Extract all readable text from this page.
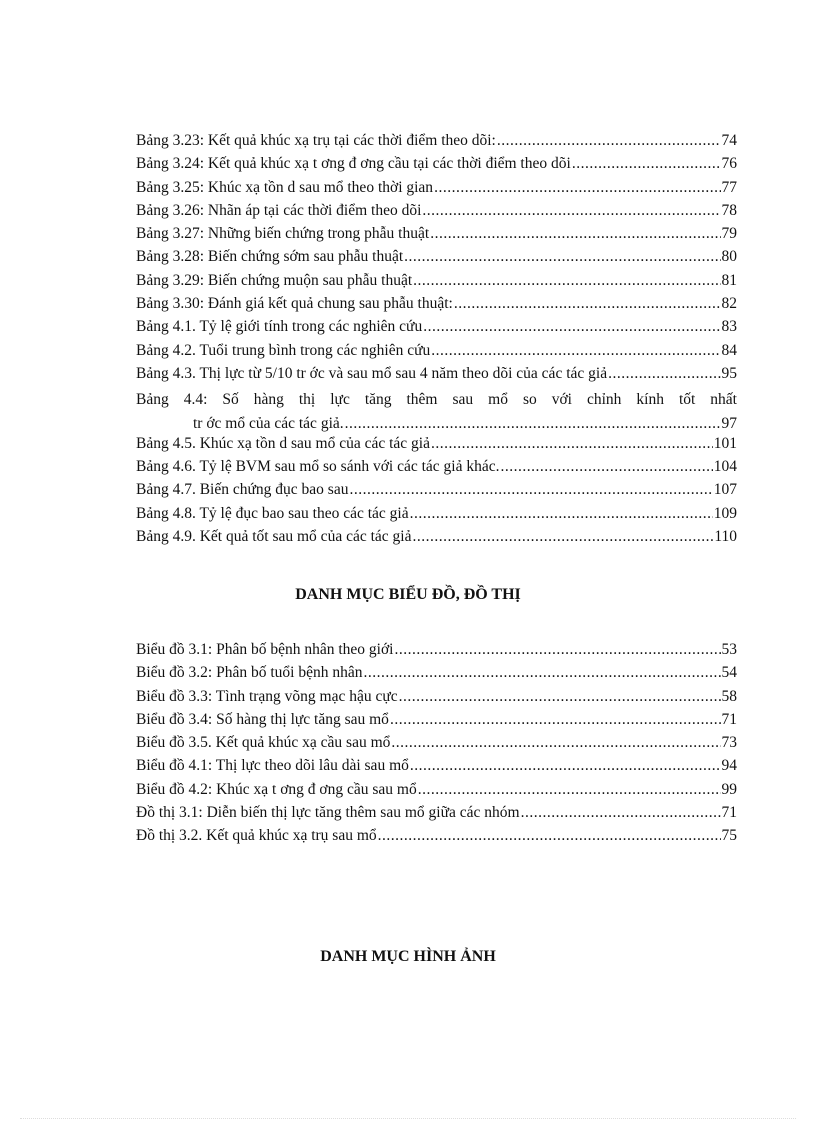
Bảng 3.23: Kết quả khúc xạ trụ tại các thời điểm theo dõi: .....	74
Bảng 3.24: Kết quả khúc xạ t ơng đ ơng cầu tại các thời điểm theo dõi .....	76
Bảng 3.25: Khúc xạ tồn d sau mổ theo thời gian .....	77
Bảng 3.26: Nhãn áp tại các thời điểm theo dõi .....	78
Bảng 3.27: Những biến chứng trong phẫu thuật .....	79
Bảng 3.28: Biến chứng sớm sau phẫu thuật .....	80
Bảng 3.29: Biến chứng muộn sau phẫu thuật .....	81
Bảng 3.30: Đánh giá kết quả chung sau phẫu thuật: .....	82
Bảng 4.1. Tỷ lệ giới tính trong các nghiên cứu .....	83
Bảng 4.2. Tuổi trung bình trong các nghiên cứu .....	84
Bảng 4.3. Thị lực từ 5/10 tr ớc và sau mổ sau 4 năm theo dõi của các tác giả .....	95
Bảng 4.4: Số hàng thị lực tăng thêm sau mổ so với chỉnh kính tốt nhất
tr ớc mổ của các tác giả. .....	97
Bảng 4.5. Khúc xạ tồn d sau mổ của các tác giả .....	101
Bảng 4.6. Tỷ lệ BVM sau mổ so sánh với các tác giả khác. .....	104
Bảng 4.7. Biến chứng đục bao sau .....	107
Bảng 4.8. Tỷ lệ đục bao sau theo các tác giả .....	109
Bảng 4.9. Kết quả tốt sau mổ của các tác giả .....	110
DANH MỤC BIỂU ĐỒ, ĐỒ THỊ
Biểu đồ 3.1: Phân bố bệnh nhân theo giới .....	53
Biểu đồ 3.2: Phân bố tuổi bệnh nhân .....	54
Biểu đồ 3.3: Tình trạng võng mạc hậu cực .....	58
Biểu đồ 3.4: Số hàng thị lực tăng sau mổ .....	71
Biểu đồ 3.5. Kết quả khúc xạ cầu sau mổ .....	73
Biểu đồ 4.1: Thị lực theo dõi lâu dài sau mổ .....	94
Biểu đồ 4.2: Khúc xạ t ơng đ ơng cầu sau mổ .....	99
Đồ thị 3.1: Diễn biến thị lực tăng thêm sau mổ giữa các nhóm .....	71
Đồ thị 3.2. Kết quả khúc xạ trụ sau mổ .....	75
DANH MỤC HÌNH ẢNH
